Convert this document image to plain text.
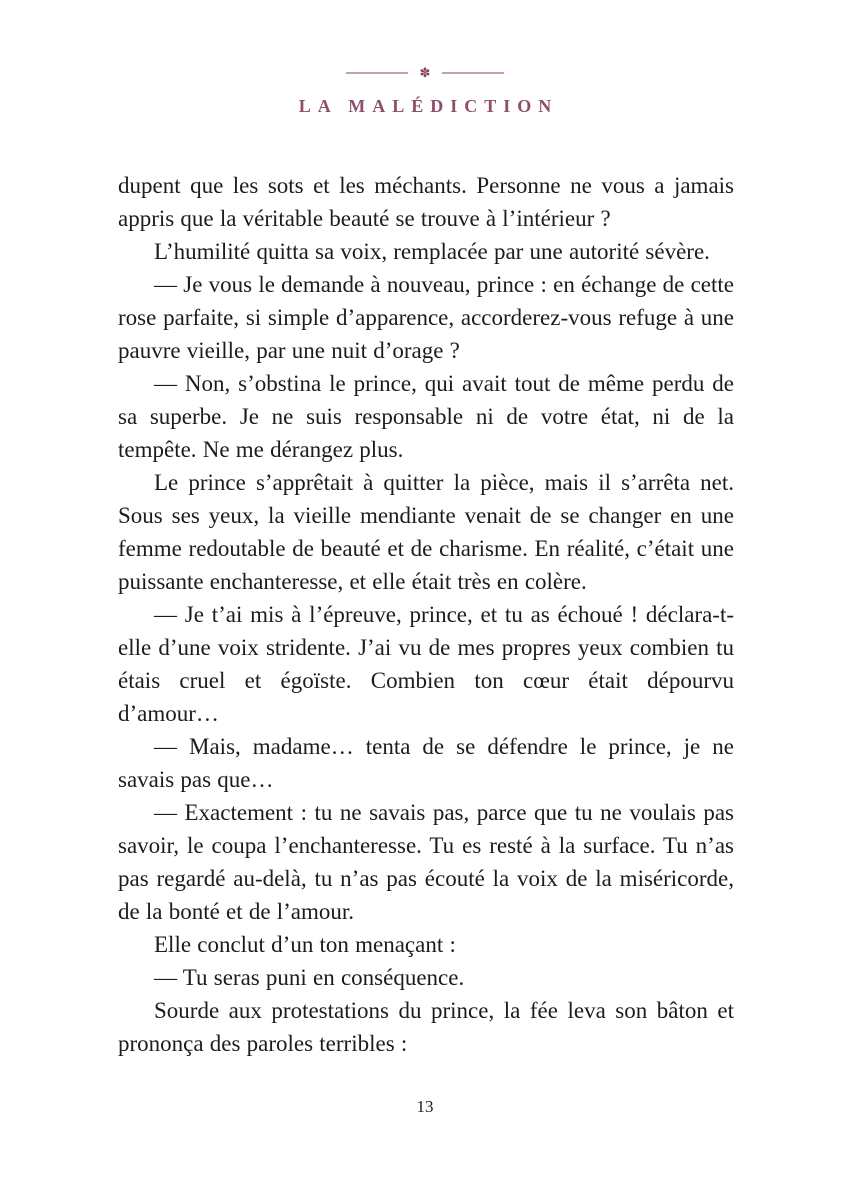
✽
LA MALÉDICTION

dupent que les sots et les méchants. Personne ne vous a jamais appris que la véritable beauté se trouve à l’intérieur ?

L’humilité quitta sa voix, remplacée par une autorité sévère.

— Je vous le demande à nouveau, prince : en échange de cette rose parfaite, si simple d’apparence, accorderez-vous refuge à une pauvre vieille, par une nuit d’orage ?

— Non, s’obstina le prince, qui avait tout de même perdu de sa superbe. Je ne suis responsable ni de votre état, ni de la tempête. Ne me dérangez plus.

Le prince s’apprêtait à quitter la pièce, mais il s’arrêta net. Sous ses yeux, la vieille mendiante venait de se changer en une femme redoutable de beauté et de charisme. En réalité, c’était une puissante enchanteresse, et elle était très en colère.

— Je t’ai mis à l’épreuve, prince, et tu as échoué ! déclara-t-elle d’une voix stridente. J’ai vu de mes propres yeux combien tu étais cruel et égoïste. Combien ton cœur était dépourvu d’amour…

— Mais, madame… tenta de se défendre le prince, je ne savais pas que…

— Exactement : tu ne savais pas, parce que tu ne voulais pas savoir, le coupa l’enchanteresse. Tu es resté à la surface. Tu n’as pas regardé au-delà, tu n’as pas écouté la voix de la miséricorde, de la bonté et de l’amour.

Elle conclut d’un ton menaçant :

— Tu seras puni en conséquence.

Sourde aux protestations du prince, la fée leva son bâton et prononça des paroles terribles :

13
